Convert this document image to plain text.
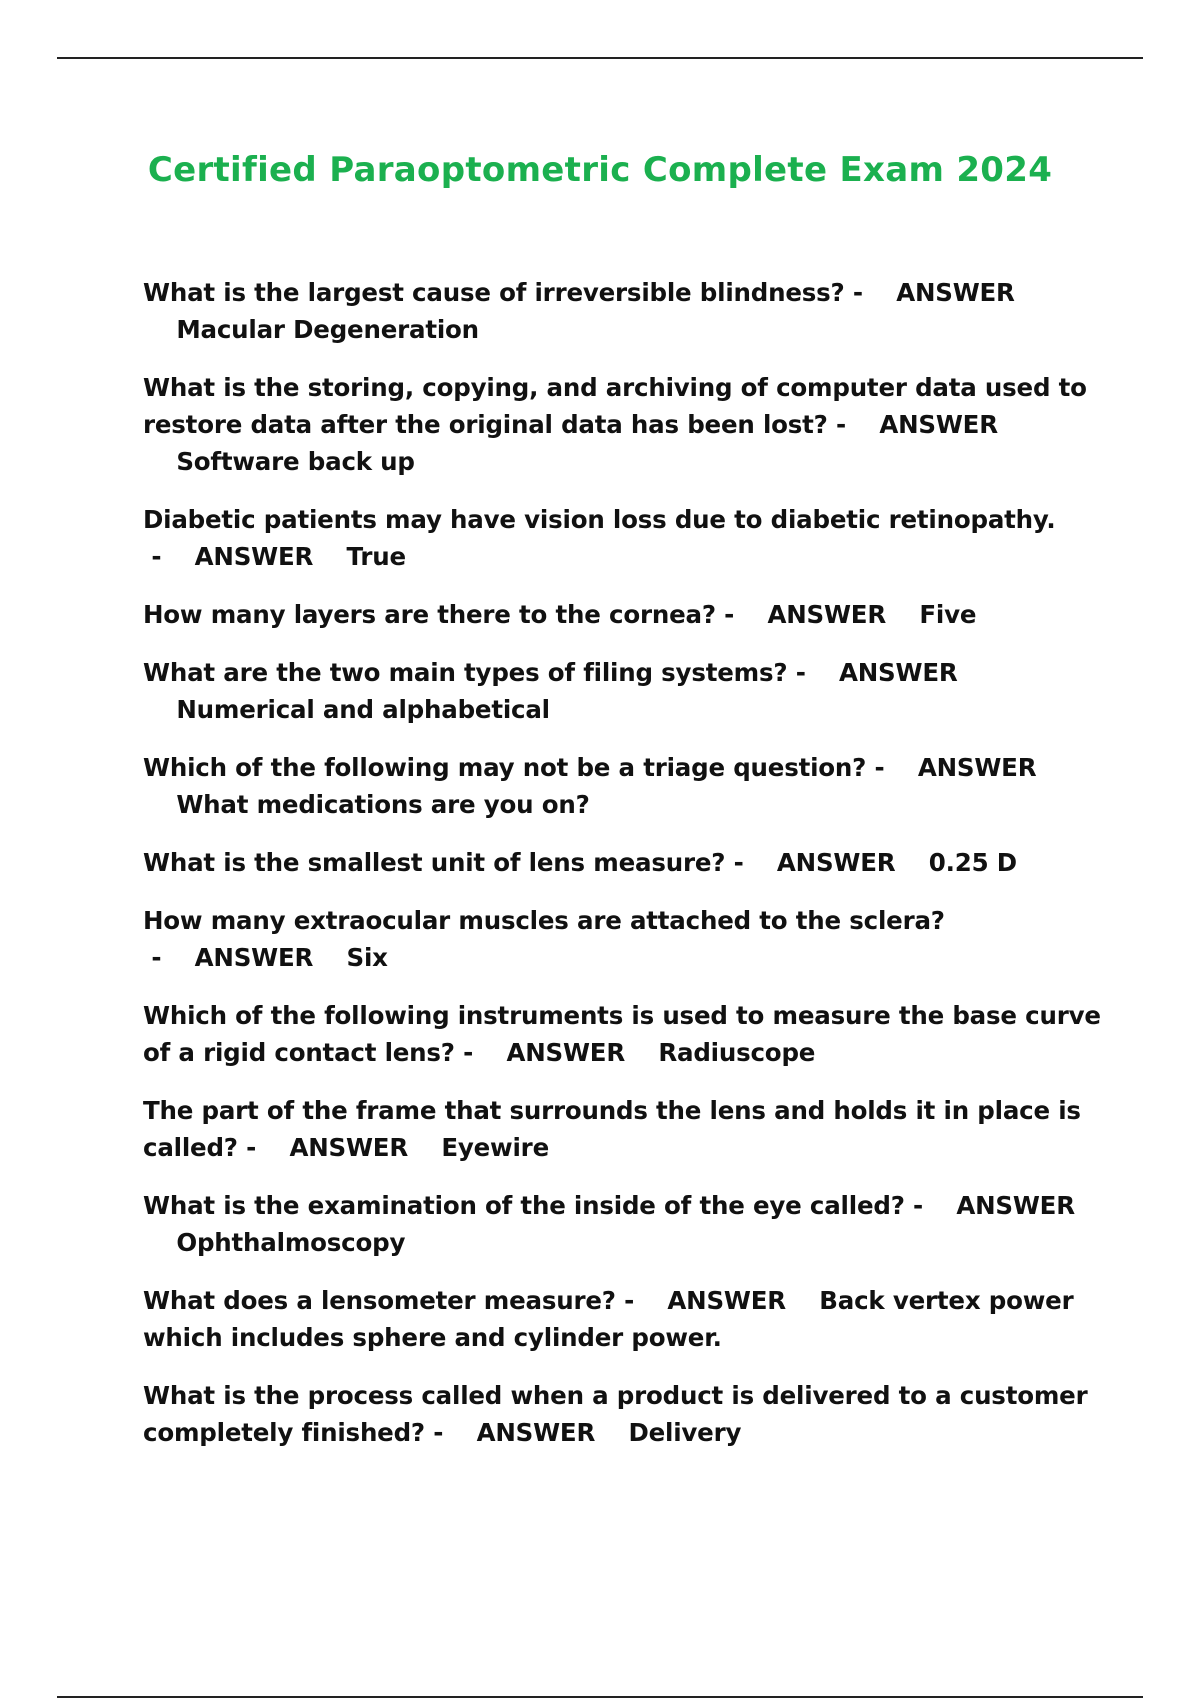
Certified Paraoptometric Complete Exam 2024
What is the largest cause of irreversible blindness? -    ANSWER    Macular Degeneration
What is the storing, copying, and archiving of computer data used to restore data after the original data has been lost? -    ANSWER    Software back up
Diabetic patients may have vision loss due to diabetic retinopathy. -    ANSWER True
How many layers are there to the cornea? -    ANSWER Five
What are the two main types of filing systems? -    ANSWER    Numerical and alphabetical
Which of the following may not be a triage question? -    ANSWER    What medications are you on?
What is the smallest unit of lens measure? -    ANSWER 0.25 D
How many extraocular muscles are attached to the sclera? -    ANSWER Six
Which of the following instruments is used to measure the base curve of a rigid contact lens? -    ANSWER Radiuscope
The part of the frame that surrounds the lens and holds it in place is called? -    ANSWER Eyewire
What is the examination of the inside of the eye called? -    ANSWER    Ophthalmoscopy
What does a lensometer measure? -    ANSWER Back vertex power which includes sphere and cylinder power.
What is the process called when a product is delivered to a customer completely finished? -    ANSWER Delivery
